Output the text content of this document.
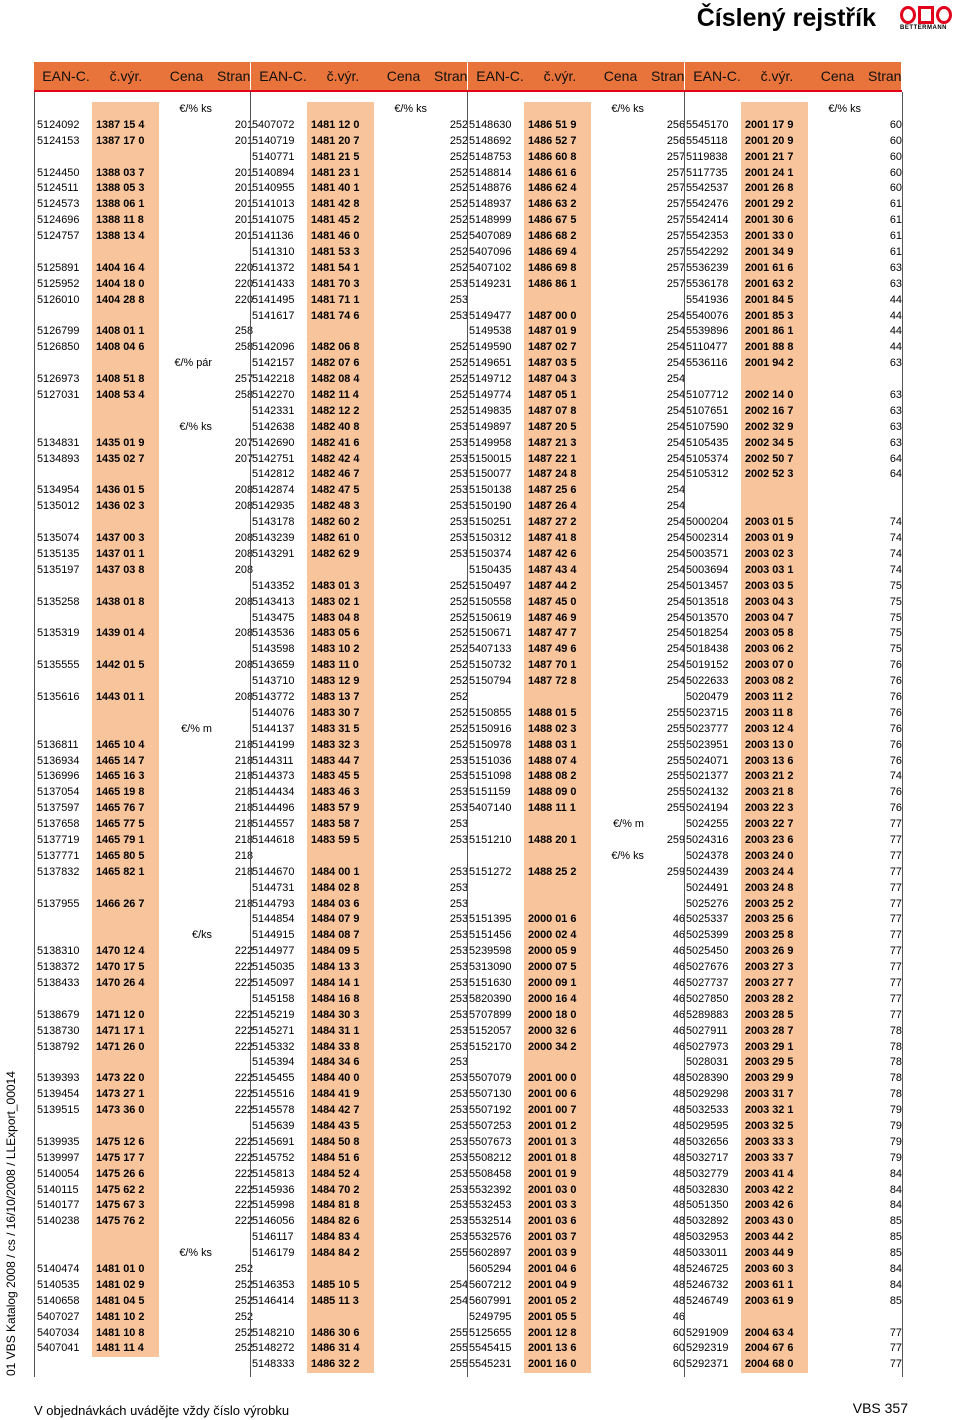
Číslený rejstřík	BETTERMANN
EAN-C.	č.výr.	Cena Stran EAN-C.	č.výr.	Cena Stran EAN-C.	č.výr.	Cena Stran EAN-C.	č.výr.	Cena Stran
01 VBS Katalog 2008 / cs / 16/10/2008 / LLExport_00014
€/% ks
5124092	1387 15 4	201
5124153	1387 17 0	201
5124450	1388 03 7	201
5124511	1388 05 3	201
5124573	1388 06 1	201
5124696	1388 11 8	201
5124757	1388 13 4	201
5125891	1404 16 4	220
5125952	1404 18 0	220
5126010	1404 28 8	220
5126799	1408 01 1	258
5126850	1408 04 6	258
€/% pár
5126973	1408 51 8	257
5127031	1408 53 4	258
€/% ks
5134831	1435 01 9	207
5134893	1435 02 7	207
5134954	1436 01 5	208
5135012	1436 02 3	208
5135074	1437 00 3	208
5135135	1437 01 1	208
5135197	1437 03 8	208
5135258	1438 01 8	208
5135319	1439 01 4	208
5135555	1442 01 5	208
5135616	1443 01 1	208
€/% m
5136811	1465 10 4	218
5136934	1465 14 7	218
5136996	1465 16 3	218
5137054	1465 19 8	218
5137597	1465 76 7	218
5137658	1465 77 5	218
5137719	1465 79 1	218
5137771	1465 80 5	218
5137832	1465 82 1	218
5137955	1466 26 7	218
€/ks
5138310	1470 12 4	222
5138372	1470 17 5	222
5138433	1470 26 4	222
5138679	1471 12 0	222
5138730	1471 17 1	222
5138792	1471 26 0	222
5139393	1473 22 0	222
5139454	1473 27 1	222
5139515	1473 36 0	222
5139935	1475 12 6	222
5139997	1475 17 7	222
5140054	1475 26 6	222
5140115	1475 62 2	222
5140177	1475 67 3	222
5140238	1475 76 2	222
€/% ks
5140474	1481 01 0	252
5140535	1481 02 9	252
5140658	1481 04 5	252
5407027	1481 10 2	252
5407034	1481 10 8	252
5407041	1481 11 4	252
€/% ks
5407072	1481 12 0	252
5140719	1481 20 7	252
5140771	1481 21 5	252
5140894	1481 23 1	252
5140955	1481 40 1	252
5141013	1481 42 8	252
5141075	1481 45 2	252
5141136	1481 46 0	252
5141310	1481 53 3	252
5141372	1481 54 1	252
5141433	1481 70 3	253
5141495	1481 71 1	253
5141617	1481 74 6	253
5142096	1482 06 8	252
5142157	1482 07 6	252
5142218	1482 08 4	252
5142270	1482 11 4	252
5142331	1482 12 2	252
5142638	1482 40 8	253
5142690	1482 41 6	253
5142751	1482 42 4	253
5142812	1482 46 7	253
5142874	1482 47 5	253
5142935	1482 48 3	253
5143178	1482 60 2	253
5143239	1482 61 0	253
5143291	1482 62 9	253
5143352	1483 01 3	252
5143413	1483 02 1	252
5143475	1483 04 8	252
5143536	1483 05 6	252
5143598	1483 10 2	252
5143659	1483 11 0	252
5143710	1483 12 9	252
5143772	1483 13 7	252
5144076	1483 30 7	252
5144137	1483 31 5	252
5144199	1483 32 3	252
5144311	1483 44 7	253
5144373	1483 45 5	253
5144434	1483 46 3	253
5144496	1483 57 9	253
5144557	1483 58 7	253
5144618	1483 59 5	253
5144670	1484 00 1	253
5144731	1484 02 8	253
5144793	1484 03 6	253
5144854	1484 07 9	253
5144915	1484 08 7	253
5144977	1484 09 5	253
5145035	1484 13 3	253
5145097	1484 14 1	253
5145158	1484 16 8	253
5145219	1484 30 3	253
5145271	1484 31 1	253
5145332	1484 33 8	253
5145394	1484 34 6	253
5145455	1484 40 0	253
5145516	1484 41 9	253
5145578	1484 42 7	253
5145639	1484 43 5	253
5145691	1484 50 8	253
5145752	1484 51 6	253
5145813	1484 52 4	253
5145936	1484 70 2	253
5145998	1484 81 8	253
5146056	1484 82 6	253
5146117	1484 83 4	253
5146179	1484 84 2	255
5146353	1485 10 5	254
5146414	1485 11 3	254
5148210	1486 30 6	255
5148272	1486 31 4	255
5148333	1486 32 2	255
€/% ks
5148630	1486 51 9	256
5148692	1486 52 7	256
5148753	1486 60 8	257
5148814	1486 61 6	257
5148876	1486 62 4	257
5148937	1486 63 2	257
5148999	1486 67 5	257
5407089	1486 68 2	257
5407096	1486 69 4	257
5407102	1486 69 8	257
5149231	1486 86 1	257
5149477	1487 00 0	254
5149538	1487 01 9	254
5149590	1487 02 7	254
5149651	1487 03 5	254
5149712	1487 04 3	254
5149774	1487 05 1	254
5149835	1487 07 8	254
5149897	1487 20 5	254
5149958	1487 21 3	254
5150015	1487 22 1	254
5150077	1487 24 8	254
5150138	1487 25 6	254
5150190	1487 26 4	254
5150251	1487 27 2	254
5150312	1487 41 8	254
5150374	1487 42 6	254
5150435	1487 43 4	254
5150497	1487 44 2	254
5150558	1487 45 0	254
5150619	1487 46 9	254
5150671	1487 47 7	254
5407133	1487 49 6	254
5150732	1487 70 1	254
5150794	1487 72 8	254
5150855	1488 01 5	255
5150916	1488 02 3	255
5150978	1488 03 1	255
5151036	1488 07 4	255
5151098	1488 08 2	255
5151159	1488 09 0	255
5407140	1488 11 1	255
€/% m
5151210	1488 20 1	259
€/% ks
5151272	1488 25 2	259
5151395	2000 01 6	46
5151456	2000 02 4	46
5239598	2000 05 9	46
5313090	2000 07 5	46
5151630	2000 09 1	46
5820390	2000 16 4	46
5707899	2000 18 0	46
5152057	2000 32 6	46
5152170	2000 34 2	46
5507079	2001 00 0	48
5507130	2001 00 6	48
5507192	2001 00 7	48
5507253	2001 01 2	48
5507673	2001 01 3	48
5508212	2001 01 8	48
5508458	2001 01 9	48
5532392	2001 03 0	48
5532453	2001 03 3	48
5532514	2001 03 6	48
5532576	2001 03 7	48
5602897	2001 03 9	48
5605294	2001 04 6	48
5607212	2001 04 9	48
5607991	2001 05 2	48
5249795	2001 05 5	46
5125655	2001 12 8	60
5545415	2001 13 6	60
5545231	2001 16 0	60
€/% ks
5545170	2001 17 9	60
5545118	2001 20 9	60
5119838	2001 21 7	60
5117735	2001 24 1	60
5542537	2001 26 8	60
5542476	2001 29 2	61
5542414	2001 30 6	61
5542353	2001 33 0	61
5542292	2001 34 9	61
5536239	2001 61 6	63
5536178	2001 63 2	63
5541936	2001 84 5	44
5540076	2001 85 3	44
5539896	2001 86 1	44
5110477	2001 88 8	44
5536116	2001 94 2	63
5107712	2002 14 0	63
5107651	2002 16 7	63
5107590	2002 32 9	63
5105435	2002 34 5	63
5105374	2002 50 7	64
5105312	2002 52 3	64
5000204	2003 01 5	74
5002314	2003 01 9	74
5003571	2003 02 3	74
5003694	2003 03 1	74
5013457	2003 03 5	75
5013518	2003 04 3	75
5013570	2003 04 7	75
5018254	2003 05 8	75
5018438	2003 06 2	75
5019152	2003 07 0	76
5022633	2003 08 2	76
5020479	2003 11 2	76
5023715	2003 11 8	76
5023777	2003 12 4	76
5023951	2003 13 0	76
5024071	2003 13 6	76
5021377	2003 21 2	74
5024132	2003 21 8	76
5024194	2003 22 3	76
5024255	2003 22 7	77
5024316	2003 23 6	77
5024378	2003 24 0	77
5024439	2003 24 4	77
5024491	2003 24 8	77
5025276	2003 25 2	77
5025337	2003 25 6	77
5025399	2003 25 8	77
5025450	2003 26 9	77
5027676	2003 27 3	77
5027737	2003 27 7	77
5027850	2003 28 2	77
5289883	2003 28 5	77
5027911	2003 28 7	78
5027973	2003 29 1	78
5028031	2003 29 5	78
5028390	2003 29 9	78
5029298	2003 31 7	78
5032533	2003 32 1	79
5029595	2003 32 5	79
5032656	2003 33 3	79
5032717	2003 33 7	79
5032779	2003 41 4	84
5032830	2003 42 2	84
5051350	2003 42 6	84
5032892	2003 43 0	85
5032953	2003 44 2	85
5033011	2003 44 9	85
5246725	2003 60 3	84
5246732	2003 61 1	84
5246749	2003 61 9	85
5291909	2004 63 4	77
5292319	2004 67 6	77
5292371	2004 68 0	77
V objednávkách uvádějte vždy číslo výrobku	VBS 357
